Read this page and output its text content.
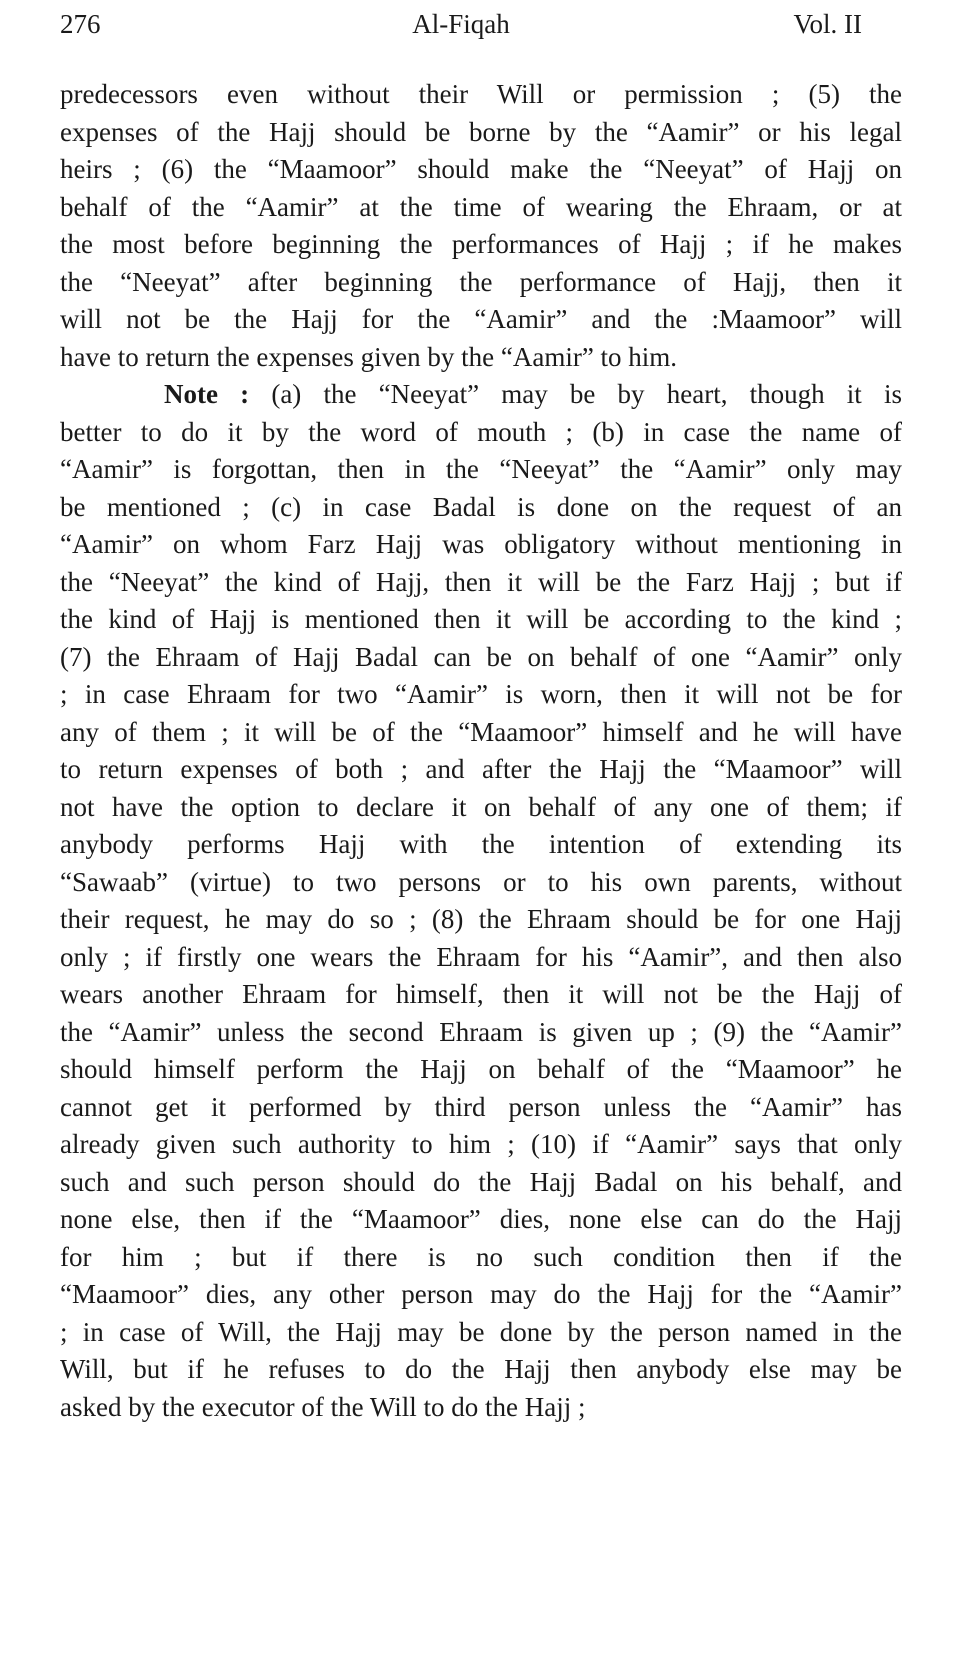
276	Al-Fiqah	Vol. II
predecessors even without their Will or permission ; (5) the
expenses of the Hajj should be borne by the “Aamir” or his legal
heirs ; (6) the “Maamoor” should make the “Neeyat” of Hajj on
behalf of the “Aamir” at the time of wearing the Ehraam, or at
the most before beginning the performances of Hajj ; if he makes
the “Neeyat” after beginning the performance of Hajj, then it
will not be the Hajj for the “Aamir” and the :Maamoor” will
have to return the expenses given by the “Aamir” to him.
Note : (a) the “Neeyat” may be by heart, though it is
better to do it by the word of mouth ; (b) in case the name of
“Aamir” is forgottan, then in the “Neeyat” the “Aamir” only may
be mentioned ; (c) in case Badal is done on the request of an
“Aamir” on whom Farz Hajj was obligatory without mentioning in
the “Neeyat” the kind of Hajj, then it will be the Farz Hajj ; but if
the kind of Hajj is mentioned then it will be according to the kind ;
(7) the Ehraam of Hajj Badal can be on behalf of one “Aamir” only
; in case Ehraam for two “Aamir” is worn, then it will not be for
any of them ; it will be of the “Maamoor” himself and he will have
to return expenses of both ; and after the Hajj the “Maamoor” will
not have the option to declare it on behalf of any one of them; if
anybody performs Hajj with the intention of extending its
“Sawaab” (virtue) to two persons or to his own parents, without
their request, he may do so ; (8) the Ehraam should be for one Hajj
only ; if firstly one wears the Ehraam for his “Aamir”, and then also
wears another Ehraam for himself, then it will not be the Hajj of
the “Aamir” unless the second Ehraam is given up ; (9) the “Aamir”
should himself perform the Hajj on behalf of the “Maamoor” he
cannot get it performed by third person unless the “Aamir” has
already given such authority to him ; (10) if “Aamir” says that only
such and such person should do the Hajj Badal on his behalf, and
none else, then if the “Maamoor” dies, none else can do the Hajj
for him ; but if there is no such condition then if the
“Maamoor” dies, any other person may do the Hajj for the “Aamir”
; in case of Will, the Hajj may be done by the person named in the
Will, but if he refuses to do the Hajj then anybody else may be
asked by the executor of the Will to do the Hajj ;
